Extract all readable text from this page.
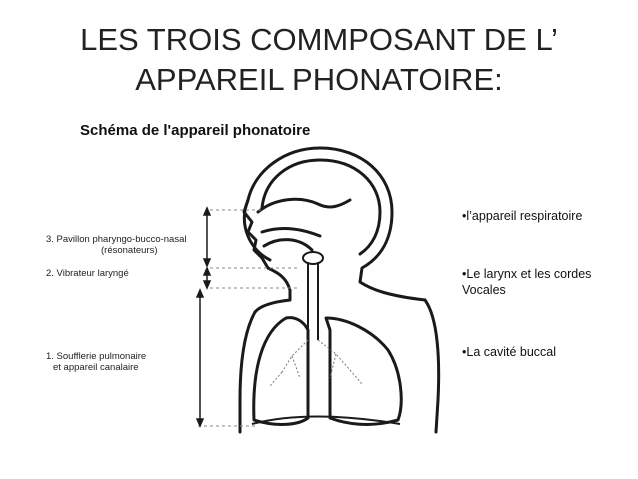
LES TROIS COMMPOSANT DE L’
APPAREIL PHONATOIRE:
Schéma de l'appareil phonatoire
3. Pavillon pharyngo-bucco-nasal
(résonateurs)
2. Vibrateur laryngé
1. Soufflerie pulmonaire
et appareil canalaire
•l’appareil respiratoire
•Le larynx et les cordes
Vocales
•La cavité buccal
